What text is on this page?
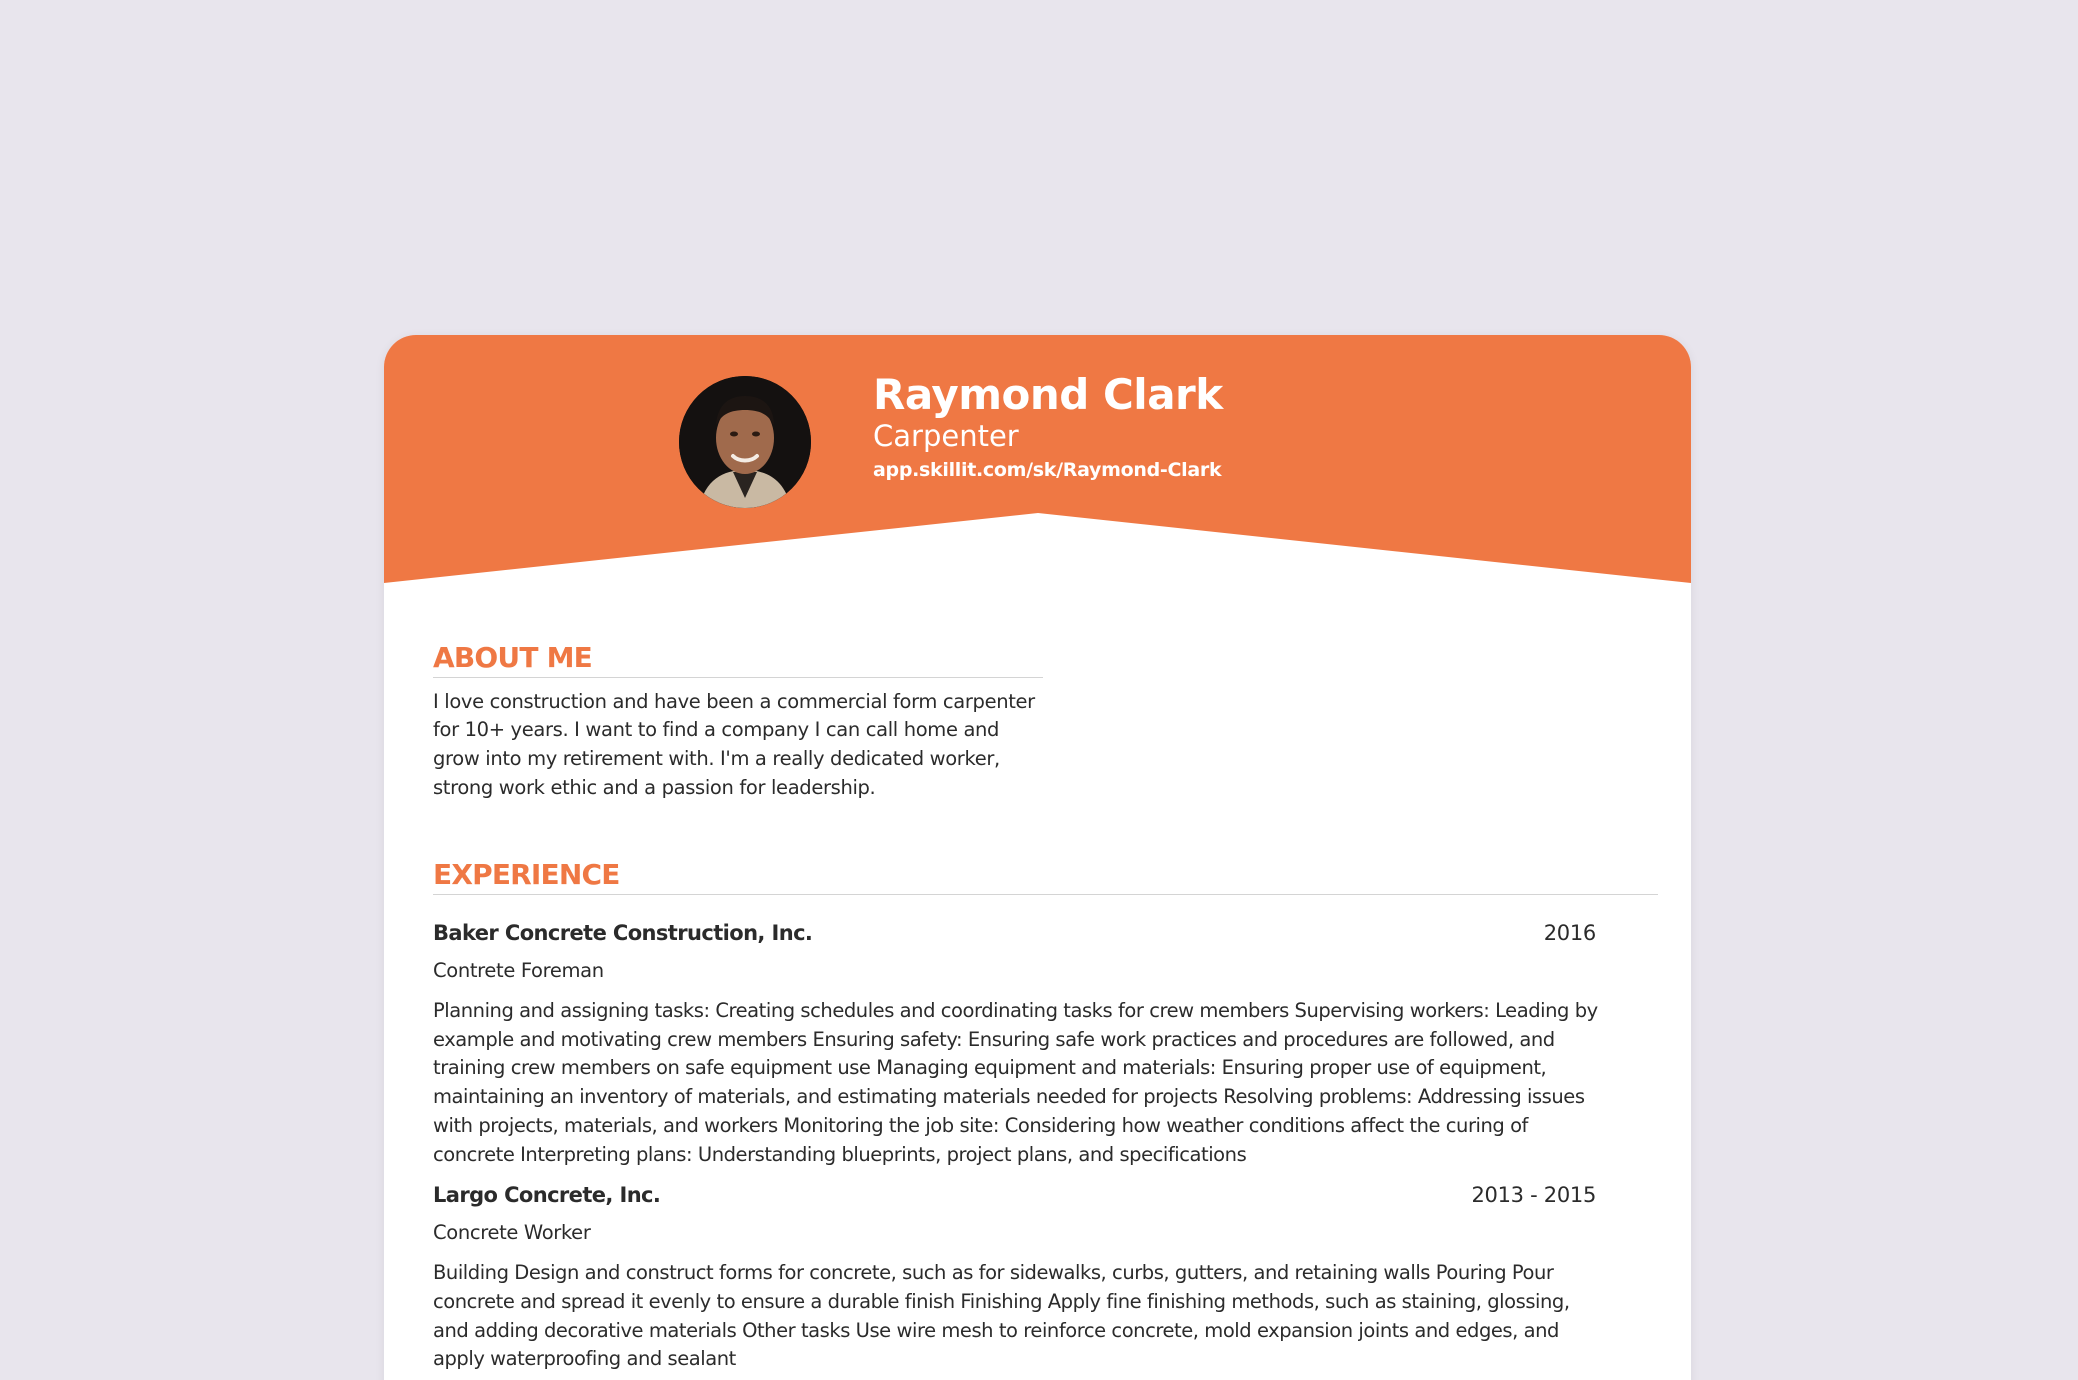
Raymond Clark
Carpenter
app.skillit.com/sk/Raymond-Clark
ABOUT ME

I love construction and have been a commercial form carpenter for 10+ years. I want to find a company I can call home and grow into my retirement with. I'm a really dedicated worker, strong work ethic and a passion for leadership.

EXPERIENCE
Baker Concrete Construction, Inc.	2016
Contrete Foreman

Planning and assigning tasks: Creating schedules and coordinating tasks for crew members Supervising workers: Leading by example and motivating crew members Ensuring safety: Ensuring safe work practices and procedures are followed, and training crew members on safe equipment use Managing equipment and materials: Ensuring proper use of equipment, maintaining an inventory of materials, and estimating materials needed for projects Resolving problems: Addressing issues with projects, materials, and workers Monitoring the job site: Considering how weather conditions affect the curing of concrete Interpreting plans: Understanding blueprints, project plans, and specifications

Largo Concrete, Inc.	2013 - 2015
Concrete Worker

Building Design and construct forms for concrete, such as for sidewalks, curbs, gutters, and retaining walls Pouring Pour concrete and spread it evenly to ensure a durable finish Finishing Apply fine finishing methods, such as staining, glossing, and adding decorative materials Other tasks Use wire mesh to reinforce concrete, mold expansion joints and edges, and apply waterproofing and sealant
